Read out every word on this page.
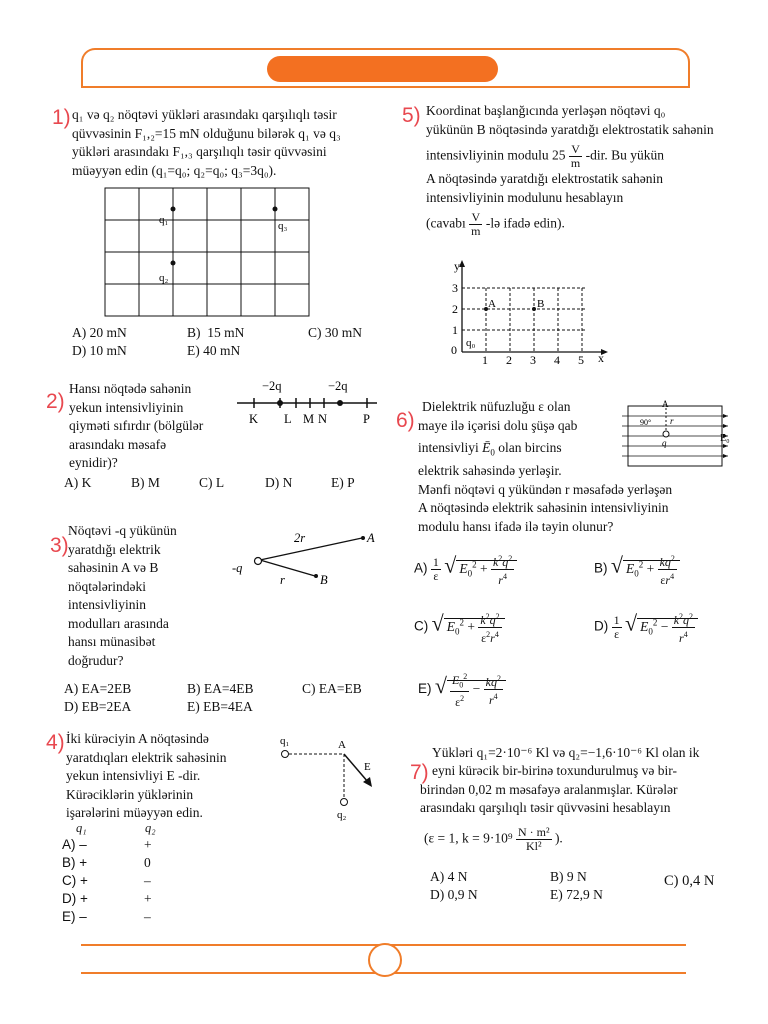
1) q₁ və q₂ nöqtəvi yükləri arasındakı qarşılıqlı təsir
qüvvəsinin F₁,₂=15 mN olduğunu bilərək q₁ və q₃
yükləri arasındakı F₁,₃ qarşılıqlı təsir qüvvəsini
müəyyən edin (q₁=q₀; q₂=q₀; q₃=3q₀).
q₁	q₃
q₂
A) 20 mN	B)  15 mN	C) 30 mN
D) 10 mN	E) 40 mN
2)
Hansı nöqtədə sahənin
yekun intensivliyinin
qiyməti sıfırdır (bölgülər
arasındakı məsafə
eynidir)?
−2q	−2q
K L M N	P
A) K	B) M	C) L	D) N	E) P
3)
Nöqtəvi -q yükünün
yaratdığı elektrik
sahəsinin A və B
nöqtələrindəki
intensivliyinin
modulları arasında
hansı münasibət
doğrudur?
-q
2r
r
A
B
A) EA=2EB	B) EA=4EB	C) EA=EB
D) EB=2EA	E) EB=4EA
4) İki kürəciyin A nöqtəsində
yaratdıqları elektrik sahəsinin
yekun intensivliyi E -dir.
Kürəciklərin yüklərinin
işarələrini müəyyən edin.
q₁	A
E
q₂
q₁	q₂
A) –	+
B) +	0
C) +	–
D) +	+
E) –	–
5) Koordinat başlanğıcında yerləşən nöqtəvi q₀
yükünün B nöqtəsində yaratdığı elektrostatik sahənin
intensivliyinin modulu $25 \frac{V}{m} -dir$. Bu yükün
A nöqtəsində yaratdığı elektrostatik sahənin
intensivliyinin modulunu hesablayın
(cavabı $\frac{V}{m}$ -lə ifadə edin).
y
x
3
2
1
0
1 2 3 4 5
q₀
A	B
6)
Dielektrik nüfuzluğu ε olan
maye ilə içərisi dolu şüşə qab
intensivliyi $Ē_0$ olan bircins
elektrik sahəsində yerləşir.
Mənfi nöqtəvi q yükündən r məsafədə yerləşən
A nöqtəsində elektrik sahəsinin intensivliyinin
modulu hansı ifadə ilə təyin olunur?
A
90° r
q	E₀
$A) \frac{1}{\varepsilon}$ √ $E_0^2 + \frac{k^2q^2}{r^4}$	B) √ $E_0^2 + \frac{kq^2}{\varepsilon r^4}$
C) √ $E_0^2 + \frac{k^2q^2}{\varepsilon^2r^4}$	$D) \frac{1}{\varepsilon}$ √ $E_0^2 - \frac{k^2q^2}{r^4}$
E) √ $\frac{E_0^2}{\varepsilon^2} - \frac{kq^2}{r^4}$
7)
Yükləri q₁=2·10⁻⁶ Kl və q₂=−1,6·10⁻⁶ Kl olan ik
eyni kürəcik bir-birinə toxundurulmuş və bir-
birindən 0,02 m məsafəyə aralanmışlar. Kürələr
arasındakı qarşılıqlı təsir qüvvəsini hesablayın
(ε = 1, $k = 9\cdot 10^9 \frac{\text{N · m²}}{\text{Kl²}}$ ).
A) 4 N	B) 9 N	C) 0,4 N
D) 0,9 N	E) 72,9 N
